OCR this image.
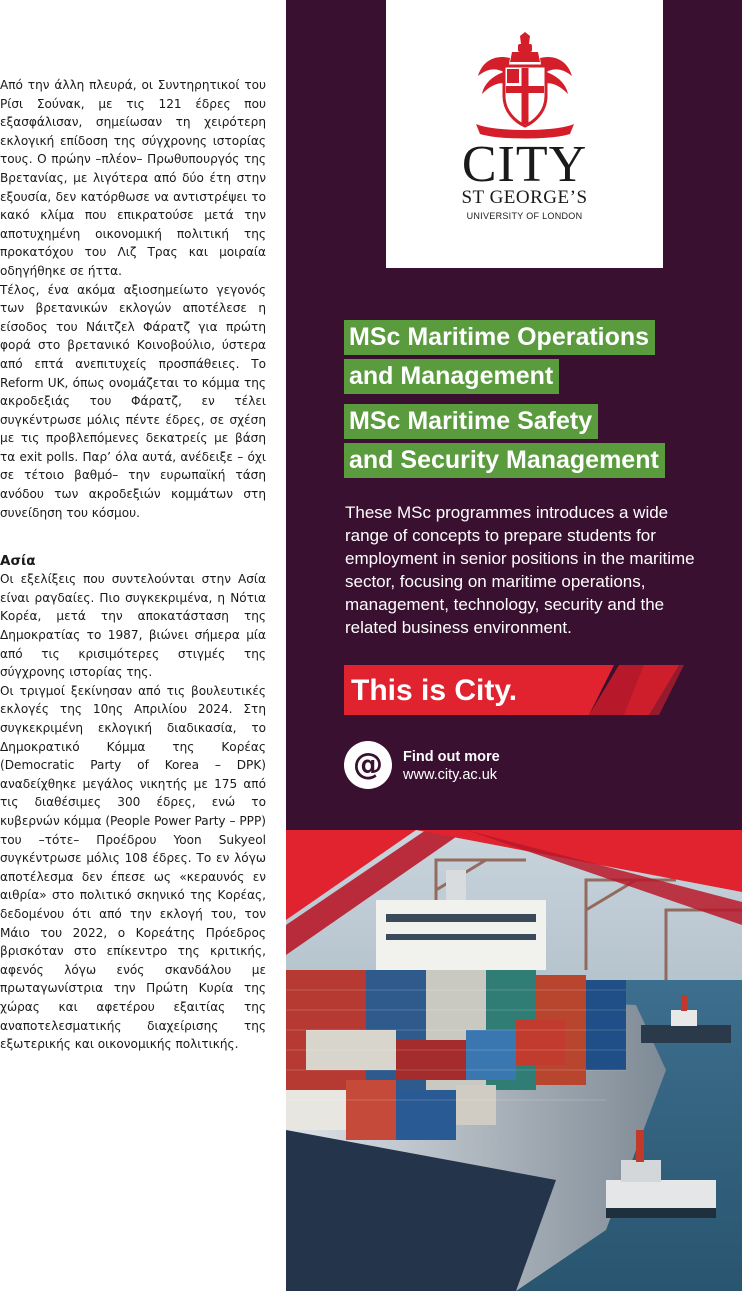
Από την άλλη πλευρά, οι Συντηρητικοί του Ρίσι Σούνακ, με τις 121 έδρες που εξασφάλισαν, σημείωσαν τη χειρότερη εκλογική επίδοση της σύγχρονης ιστορίας τους. Ο πρώην –πλέον– Πρωθυπουργός της Βρετανίας, με λιγότερα από δύο έτη στην εξουσία, δεν κατόρθωσε να αντιστρέψει το κακό κλίμα που επικρατούσε μετά την αποτυχημένη οικονομική πολιτική της προκατόχου του Λιζ Τρας και μοιραία οδηγήθηκε σε ήττα.

Τέλος, ένα ακόμα αξιοσημείωτο γεγονός των βρετανικών εκλογών αποτέλεσε η είσοδος του Νάιτζελ Φάρατζ για πρώτη φορά στο βρετανικό Κοινοβούλιο, ύστερα από επτά ανεπιτυχείς προσπάθειες. Το Reform UK, όπως ονομάζεται το κόμμα της ακροδεξιάς του Φάρατζ, εν τέλει συγκέντρωσε μόλις πέντε έδρες, σε σχέση με τις προβλεπόμενες δεκατρείς με βάση τα exit polls. Παρ’ όλα αυτά, ανέδειξε – όχι σε τέτοιο βαθμό– την ευρωπαϊκή τάση ανόδου των ακροδεξιών κομμάτων στη συνείδηση του κόσμου.

Ασία

Οι εξελίξεις που συντελούνται στην Ασία είναι ραγδαίες. Πιο συγκεκριμένα, η Νότια Κορέα, μετά την αποκατάσταση της Δημοκρατίας το 1987, βιώνει σήμερα μία από τις κρισιμότερες στιγμές της σύγχρονης ιστορίας της.

Οι τριγμοί ξεκίνησαν από τις βουλευτικές εκλογές της 10ης Απριλίου 2024. Στη συγκεκριμένη εκλογική διαδικασία, το Δημοκρατικό Κόμμα της Κορέας (Democratic Party of Korea – DPK) αναδείχθηκε μεγάλος νικητής με 175 από τις διαθέσιμες 300 έδρες, ενώ το κυβερνών κόμμα (People Power Party – PPP) του –τότε– Προέδρου Yoon Sukyeol συγκέντρωσε μόλις 108 έδρες. Το εν λόγω αποτέλεσμα δεν έπεσε ως «κεραυνός εν αιθρία» στο πολιτικό σκηνικό της Κορέας, δεδομένου ότι από την εκλογή του, τον Μάιο του 2022, ο Κορεάτης Πρόεδρος βρισκόταν στο επίκεντρο της κριτικής, αφενός λόγω ενός σκανδάλου με πρωταγωνίστρια την Πρώτη Κυρία της χώρας και αφετέρου εξαιτίας της αναποτελεσματικής διαχείρισης της εξωτερικής και οικονομικής πολιτικής.

CITY
ST GEORGE’S
UNIVERSITY OF LONDON
MSc Maritime Operations
and Management
MSc Maritime Safety
and Security Management

These MSc programmes introduces a wide range of concepts to prepare students for employment in senior positions in the maritime sector, focusing on maritime operations, management, technology, security and the related business environment.

This is City.
@ Find out more
www.city.ac.uk
